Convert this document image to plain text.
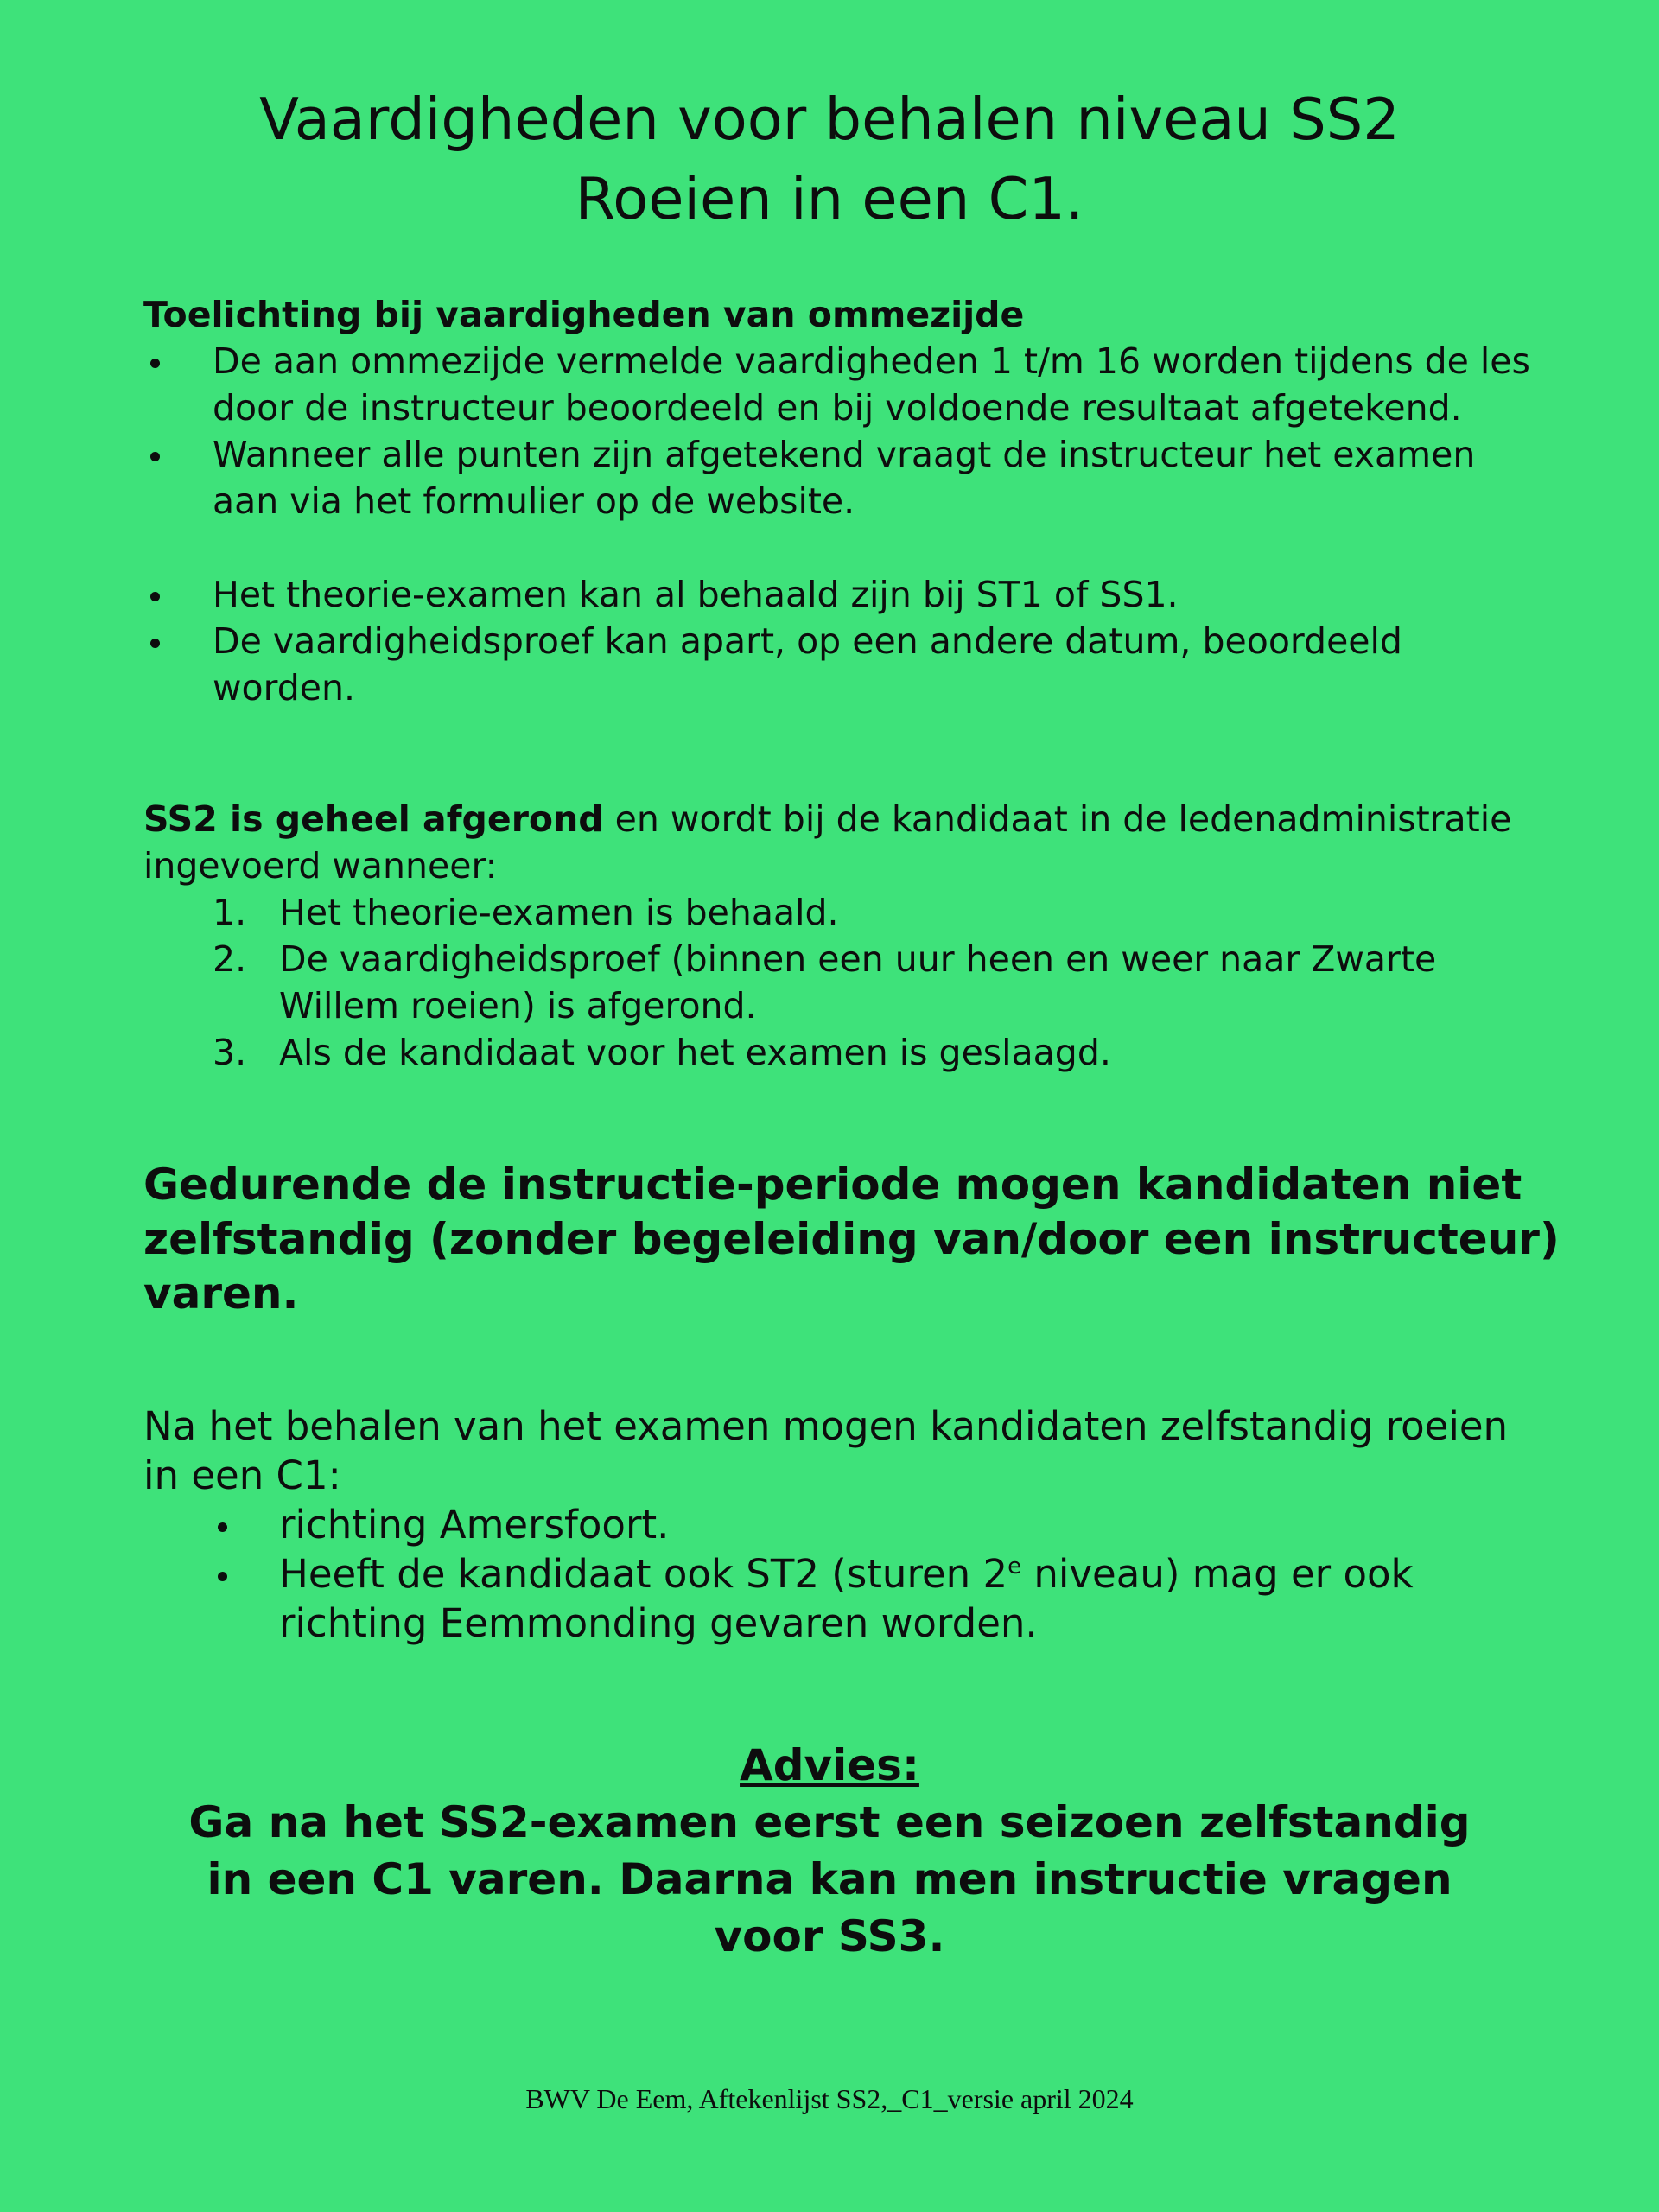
Vaardigheden voor behalen niveau SS2
Roeien in een C1.
Toelichting bij vaardigheden van ommezijde
De aan ommezijde vermelde vaardigheden 1 t/m 16 worden tijdens de les door de instructeur beoordeeld en bij voldoende resultaat afgetekend.
Wanneer alle punten zijn afgetekend vraagt de instructeur het examen aan via het formulier op de website.
Het theorie-examen kan al behaald zijn bij ST1 of SS1.
De vaardigheidsproef kan apart, op een andere datum, beoordeeld worden.
SS2 is geheel afgerond en wordt bij de kandidaat in de ledenadministratie ingevoerd wanneer:
1. Het theorie-examen is behaald.
2. De vaardigheidsproef (binnen een uur heen en weer naar Zwarte Willem roeien) is afgerond.
3. Als de kandidaat voor het examen is geslaagd.
Gedurende de instructie-periode mogen kandidaten niet zelfstandig (zonder begeleiding van/door een instructeur) varen.
Na het behalen van het examen mogen kandidaten zelfstandig roeien in een C1:
richting Amersfoort.
Heeft de kandidaat ook ST2 (sturen 2e niveau) mag er ook richting Eemmonding gevaren worden.
Advies:
Ga na het SS2-examen eerst een seizoen zelfstandig
in een C1 varen. Daarna kan men instructie vragen
voor SS3.
BWV De Eem, Aftekenlijst SS2,_C1_versie april 2024
